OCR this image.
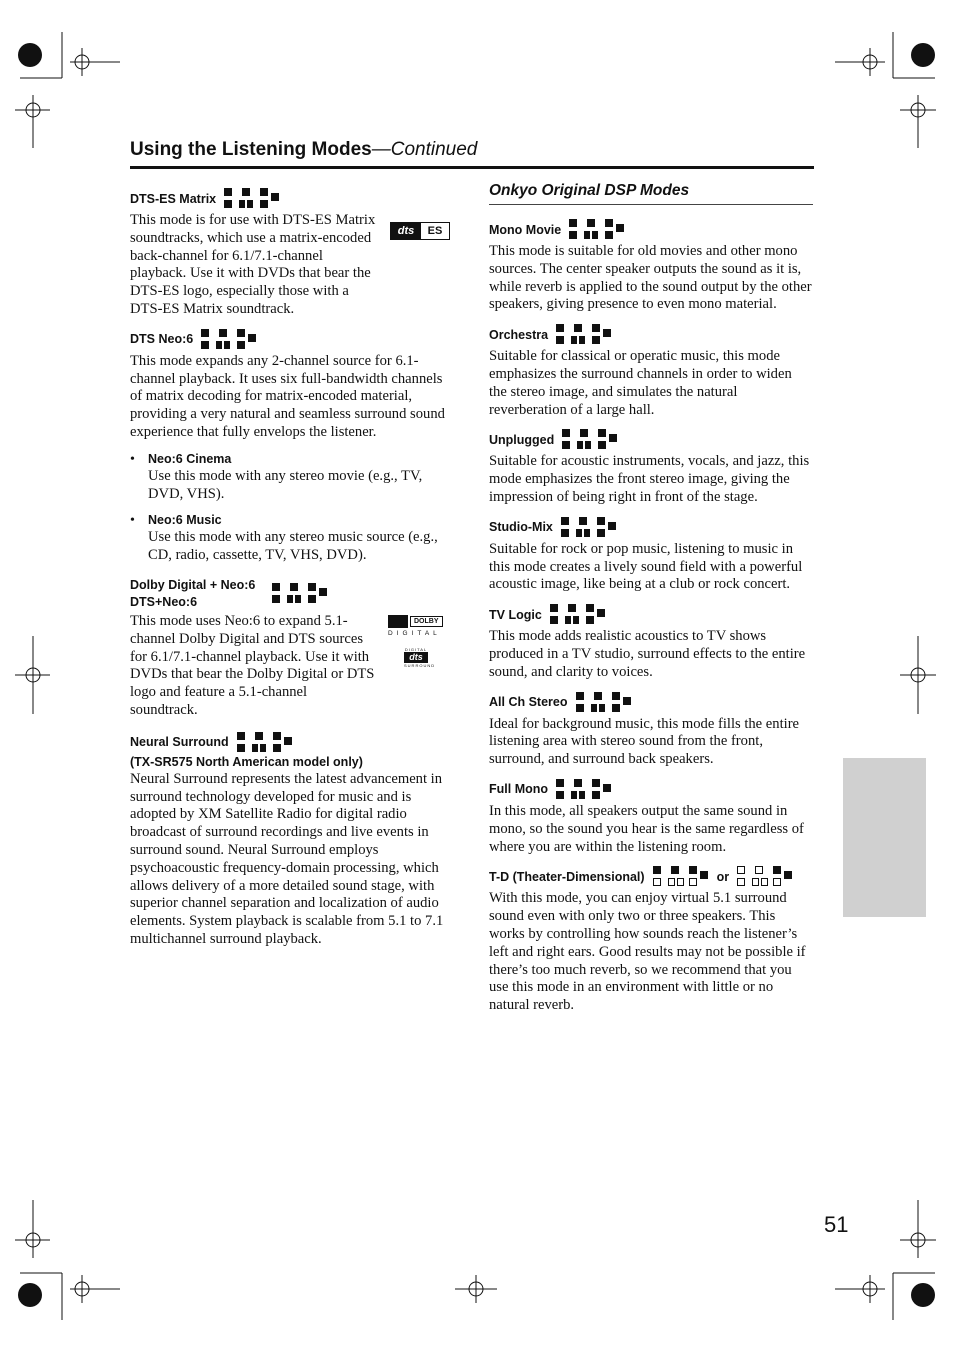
Using the Listening Modes—Continued
DTS-ES Matrix
dts	ES

This mode is for use with DTS-ES Matrix soundtracks, which use a matrix-encoded back-channel for 6.1/7.1-channel playback. Use it with DVDs that bear the DTS-ES logo, especially those with a DTS-ES Matrix soundtrack.

DTS Neo:6

This mode expands any 2-channel source for 6.1-channel playback. It uses six full-bandwidth channels of matrix decoding for matrix-encoded material, providing a very natural and seamless surround sound experience that fully envelops the listener.

•	Neo:6 Cinema

Use this mode with any stereo movie (e.g., TV, DVD, VHS).

•	Neo:6 Music

Use this mode with any stereo music source (e.g., CD, radio, cassette, TV, VHS, DVD).

Dolby Digital + Neo:6
DTS+Neo:6
DOLBY
DIGITAL
DIGITAL
dts
SURROUND

This mode uses Neo:6 to expand 5.1-channel Dolby Digital and DTS sources for 6.1/7.1-channel playback. Use it with DVDs that bear the Dolby Digital or DTS logo and feature a 5.1-channel soundtrack.

Neural Surround
(TX-SR575 North American model only)

Neural Surround represents the latest advancement in surround technology developed for music and is adopted by XM Satellite Radio for digital radio broadcast of surround recordings and live events in surround sound. Neural Surround employs psychoacoustic frequency-domain processing, which allows delivery of a more detailed sound stage, with superior channel separation and localization of audio elements. System playback is scalable from 5.1 to 7.1 multichannel surround playback.

Onkyo Original DSP Modes
Mono Movie

This mode is suitable for old movies and other mono sources. The center speaker outputs the sound as it is, while reverb is applied to the sound output by the other speakers, giving presence to even mono material.

Orchestra

Suitable for classical or operatic music, this mode emphasizes the surround channels in order to widen the stereo image, and simulates the natural reverberation of a large hall.

Unplugged

Suitable for acoustic instruments, vocals, and jazz, this mode emphasizes the front stereo image, giving the impression of being right in front of the stage.

Studio-Mix

Suitable for rock or pop music, listening to music in this mode creates a lively sound field with a powerful acoustic image, like being at a club or rock concert.

TV Logic

This mode adds realistic acoustics to TV shows produced in a TV studio, surround effects to the entire sound, and clarity to voices.

All Ch Stereo

Ideal for background music, this mode fills the entire listening area with stereo sound from the front, surround, and surround back speakers.

Full Mono

In this mode, all speakers output the same sound in mono, so the sound you hear is the same regardless of where you are within the listening room.

T-D (Theater-Dimensional)	or

With this mode, you can enjoy virtual 5.1 surround sound even with only two or three speakers. This works by controlling how sounds reach the listener’s left and right ears. Good results may not be possible if there’s too much reverb, so we recommend that you use this mode in an environment with little or no natural reverb.

51
